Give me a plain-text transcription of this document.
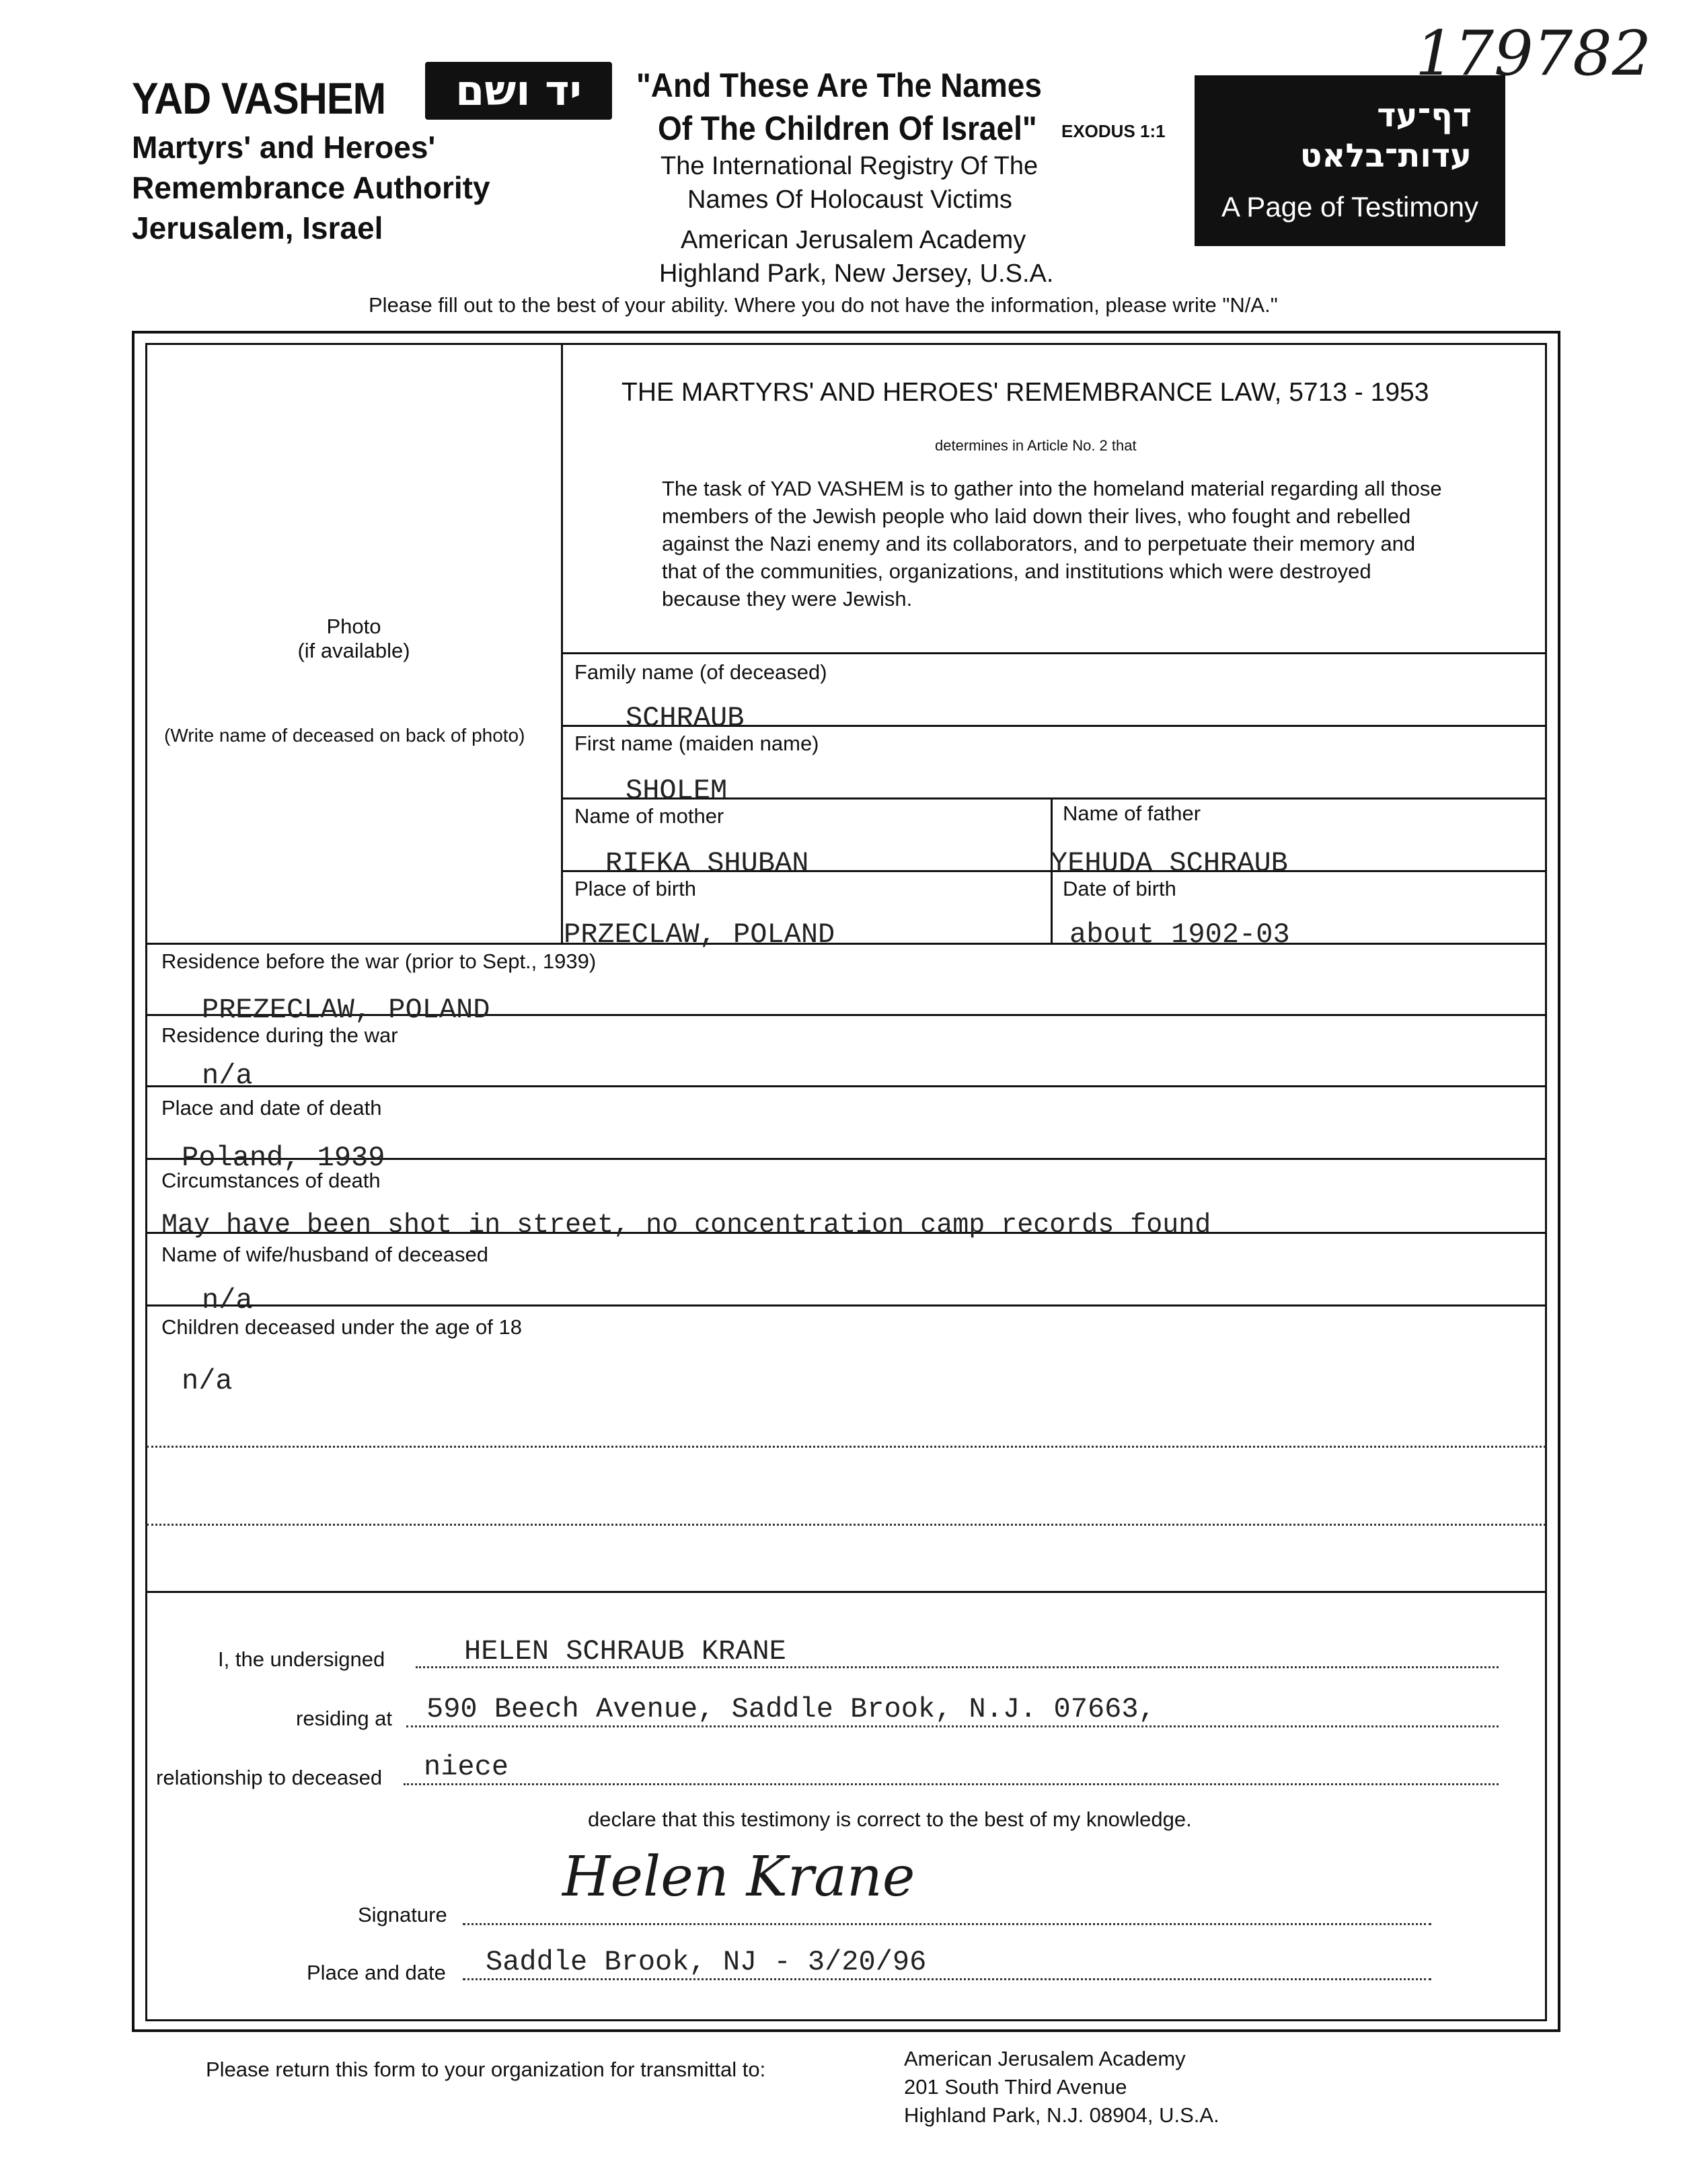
YAD VASHEM	יד ושם
Martyrs' and Heroes'
Remembrance Authority
Jerusalem, Israel
"And These Are The Names
Of The Children Of Israel" EXODUS 1:1
The International Registry Of The
Names Of Holocaust Victims
American Jerusalem Academy
Highland Park, New Jersey, U.S.A.
דף־עד
עדות־בלאט
A Page of Testimony
179782
Please fill out to the best of your ability. Where you do not have the information, please write "N/A."
THE MARTYRS' AND HEROES' REMEMBRANCE LAW, 5713 - 1953
determines in Article No. 2 that
The task of YAD VASHEM is to gather into the homeland material regarding all those members of the Jewish people who laid down their lives, who fought and rebelled against the Nazi enemy and its collaborators, and to perpetuate their memory and that of the communities, organizations, and institutions which were destroyed because they were Jewish.
Photo
(if available)
(Write name of deceased on back of photo)
Family name (of deceased)
SCHRAUB
First name (maiden name)
SHOLEM
Name of mother
RIFKA SHUBAN
Name of father
YEHUDA SCHRAUB
Place of birth
PRZECLAW, POLAND
Date of birth
about 1902-03
Residence before the war (prior to Sept., 1939)
PREZECLAW, POLAND
Residence during the war
n/a
Place and date of death
Poland, 1939
Circumstances of death
May have been shot in street, no concentration camp records found
Name of wife/husband of deceased
n/a
Children deceased under the age of 18
n/a
I, the undersigned	HELEN SCHRAUB KRANE
residing at 590 Beech Avenue, Saddle Brook, N.J. 07663,
relationship to deceased niece
declare that this testimony is correct to the best of my knowledge.
Signature
Helen Krane
Place and date Saddle Brook, NJ - 3/20/96
Please return this form to your organization for transmittal to:	American Jerusalem Academy
201 South Third Avenue
Highland Park, N.J. 08904, U.S.A.
